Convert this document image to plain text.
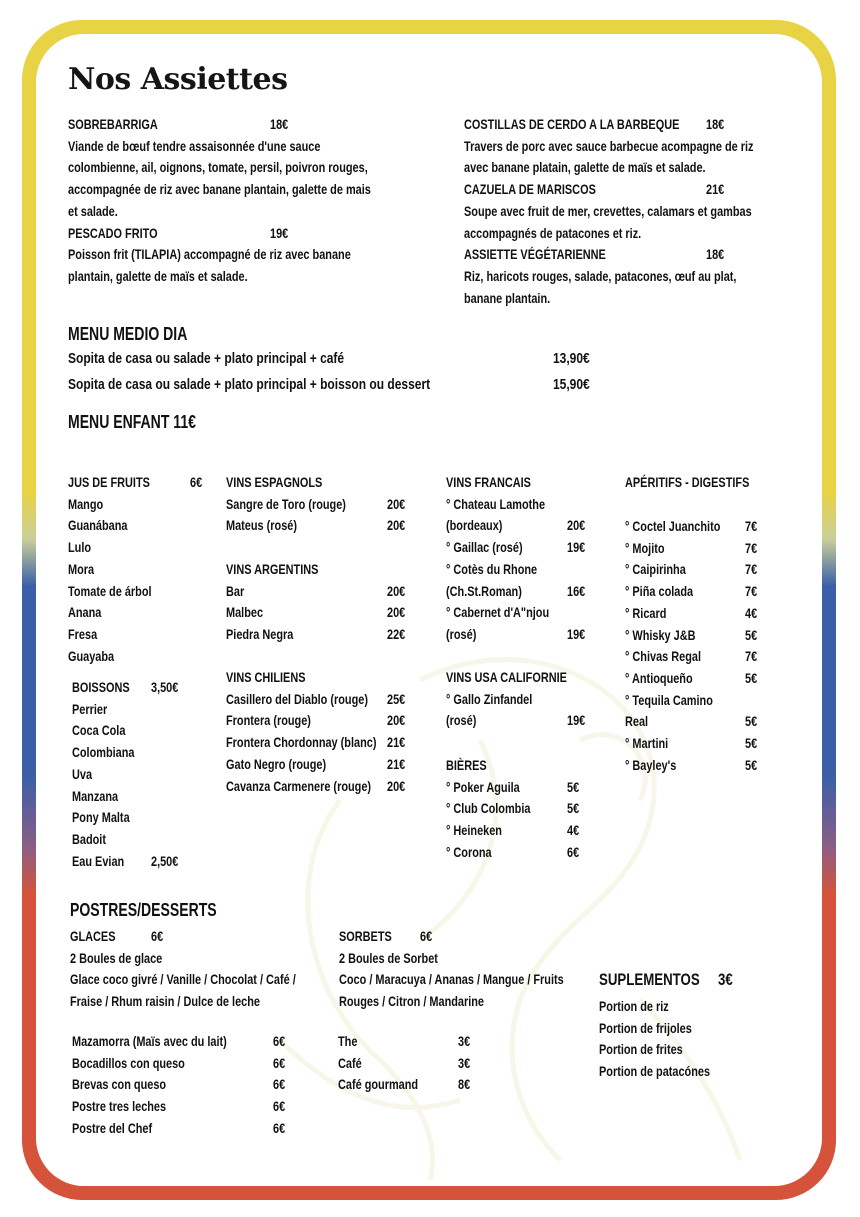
Nos Assiettes
SOBREBARRIGA	18€
Viande de bœuf tendre assaisonnée d'une sauce
colombienne, ail, oignons, tomate, persil, poivron rouges,
accompagnée de riz avec banane plantain, galette de mais
et salade.
PESCADO FRITO	19€
Poisson frit (TILAPIA) accompagné de riz avec banane
plantain, galette de maïs et salade.
COSTILLAS DE CERDO A LA BARBEQUE 18€
Travers de porc avec sauce barbecue acompagne de riz
avec banane platain, galette de maïs et salade.
CAZUELA DE MARISCOS	21€
Soupe avec fruit de mer, crevettes, calamars et gambas
accompagnés de patacones et riz.
ASSIETTE VÉGÉTARIENNE	18€
Riz, haricots rouges, salade, patacones, œuf au plat,
banane plantain.
MENU MEDIO DIA
Sopita de casa ou salade + plato principal + café	13,90€
Sopita de casa ou salade + plato principal + boisson ou dessert	15,90€
MENU ENFANT 11€
JUS DE FRUITS	6€
Mango
Guanábana
Lulo
Mora
Tomate de árbol
Anana
Fresa
Guayaba
BOISSONS 3,50€
Perrier
Coca Cola
Colombiana
Uva
Manzana
Pony Malta
Badoit
Eau Evian 2,50€
VINS ESPAGNOLS
Sangre de Toro (rouge)	20€
Mateus (rosé)	20€
VINS ARGENTINS
Bar	20€
Malbec	20€
Piedra Negra	22€
VINS CHILIENS
Casillero del Diablo (rouge) 25€
Frontera (rouge)	20€
Frontera Chordonnay (blanc) 21€
Gato Negro (rouge)	21€
Cavanza Carmenere (rouge) 20€
VINS FRANCAIS
° Chateau Lamothe
(bordeaux)	20€
° Gaillac (rosé)	19€
° Cotès du Rhone
(Ch.St.Roman)	16€
° Cabernet d'A"njou
(rosé)	19€
VINS USA CALIFORNIE
° Gallo Zinfandel
(rosé)	19€
BIÈRES
° Poker Aguila	5€
° Club Colombia	5€
° Heineken	4€
° Corona	6€
APÉRITIFS - DIGESTIFS
° Coctel Juanchito 7€
° Mojito	7€
° Caipirinha	7€
° Piña colada	7€
° Ricard	4€
° Whisky J&B	5€
° Chivas Regal	7€
° Antioqueño	5€
° Tequila Camino
Real	5€
° Martini	5€
° Bayley's	5€
POSTRES/DESSERTS
GLACES	6€
2 Boules de glace
Glace coco givré / Vanille / Chocolat / Café /
Fraise / Rhum raisin / Dulce de leche
SORBETS 6€
2 Boules de Sorbet
Coco / Maracuya / Ananas / Mangue / Fruits
Rouges / Citron / Mandarine
Mazamorra (Maïs avec du lait)	6€
Bocadillos con queso	6€
Brevas con queso	6€
Postre tres leches	6€
Postre del Chef	6€
The	3€
Café	3€
Café gourmand	8€
SUPLEMENTOS 3€
Portion de riz
Portion de frijoles
Portion de frites
Portion de patacónes
